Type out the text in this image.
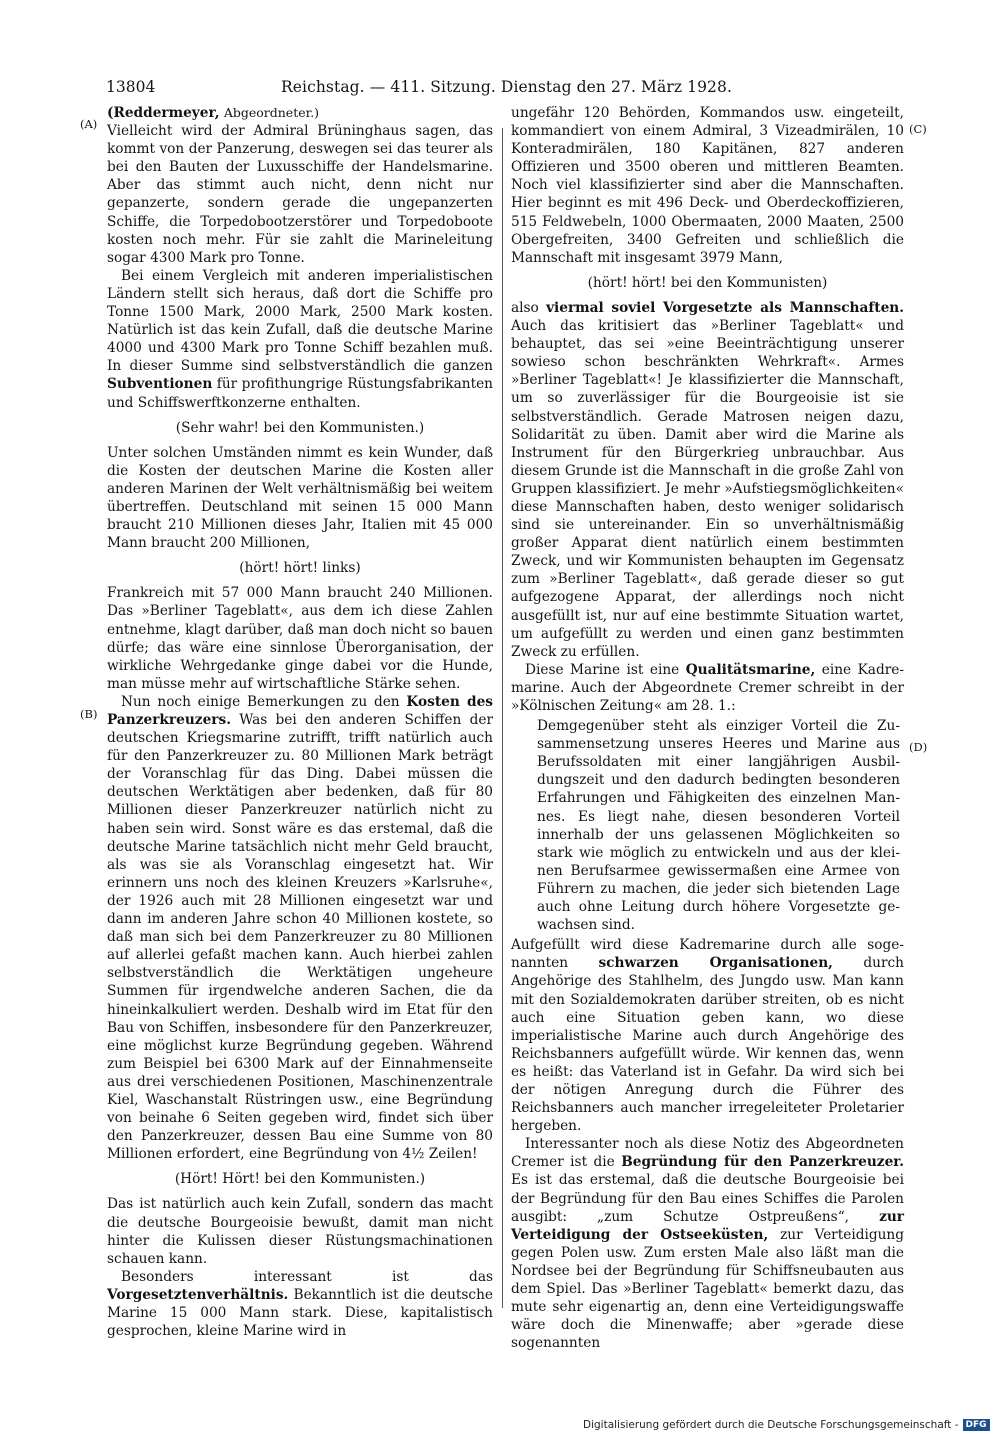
13804	Reichstag. — 411. Sitzung. Dienstag den 27. März 1928.
(A)
(B)
(C)
(D)

(Reddermeyer, Abgeordneter.)

Vielleicht wird der Admiral Brüninghaus sagen, das kommt von der Panzerung, deswegen sei das teurer als bei den Bauten der Luxusschiffe der Handelsmarine. Aber das stimmt auch nicht, denn nicht nur gepanzerte, sondern gerade die ungepanzerten Schiffe, die Torpedobootzerstörer und Torpedoboote kosten noch mehr. Für sie zahlt die Marineleitung sogar 4300 Mark pro Tonne.

Bei einem Vergleich mit anderen imperialistischen Ländern stellt sich heraus, daß dort die Schiffe pro Tonne 1500 Mark, 2000 Mark, 2500 Mark kosten. Natürlich ist das kein Zufall, daß die deutsche Marine 4000 und 4300 Mark pro Tonne Schiff bezahlen muß. In dieser Summe sind selbstverständlich die ganzen Subventionen für profithungrige Rüstungsfabrikanten und Schiffswerftkonzerne enthalten.

(Sehr wahr! bei den Kommunisten.)

Unter solchen Umständen nimmt es kein Wunder, daß die Kosten der deutschen Marine die Kosten aller anderen Marinen der Welt verhältnismäßig bei weitem übertreffen. Deutschland mit seinen 15 000 Mann braucht 210 Millionen dieses Jahr, Italien mit 45 000 Mann braucht 200 Millionen,

(hört! hört! links)

Frankreich mit 57 000 Mann braucht 240 Millionen. Das »Berliner Tageblatt«, aus dem ich diese Zahlen entnehme, klagt darüber, daß man doch nicht so bauen dürfe; das wäre eine sinnlose Überorganisation, der wirkliche Wehrgedanke ginge dabei vor die Hunde, man müsse mehr auf wirtschaftliche Stärke sehen.

Nun noch einige Bemerkungen zu den Kosten des Panzerkreuzers. Was bei den anderen Schiffen der deutschen Kriegsmarine zutrifft, trifft natürlich auch für den Panzerkreuzer zu. 80 Millionen Mark beträgt der Voranschlag für das Ding. Dabei müssen die deutschen Werktätigen aber bedenken, daß für 80 Millionen dieser Panzerkreuzer natürlich nicht zu haben sein wird. Sonst wäre es das erstemal, daß die deutsche Marine tatsächlich nicht mehr Geld braucht, als was sie als Voranschlag eingesetzt hat. Wir erinnern uns noch des kleinen Kreuzers »Karlsruhe«, der 1926 auch mit 28 Millionen eingesetzt war und dann im anderen Jahre schon 40 Millionen kostete, so daß man sich bei dem Panzerkreuzer zu 80 Millionen auf allerlei gefaßt machen kann. Auch hierbei zahlen selbstverständlich die Werktätigen ungeheure Summen für irgendwelche anderen Sachen, die da hineinkalkuliert werden. Deshalb wird im Etat für den Bau von Schiffen, insbesondere für den Panzerkreuzer, eine möglichst kurze Begründung gegeben. Während zum Beispiel bei 6300 Mark auf der Einnahmenseite aus drei verschiedenen Positionen, Maschinenzentrale Kiel, Waschanstalt Rüstringen usw., eine Begründung von beinahe 6 Seiten gegeben wird, findet sich über den Panzerkreuzer, dessen Bau eine Summe von 80 Millionen erfordert, eine Begründung von 4½ Zeilen!

(Hört! Hört! bei den Kommunisten.)

Das ist natürlich auch kein Zufall, sondern das macht die deutsche Bourgeoisie bewußt, damit man nicht hinter die Kulissen dieser Rüstungsmachinationen schauen kann.

Besonders interessant ist das Vorgesetztenverhältnis. Bekanntlich ist die deutsche Marine 15 000 Mann stark. Diese, kapitalistisch gesprochen, kleine Marine wird in

ungefähr 120 Behörden, Kommandos usw. eingeteilt, kommandiert von einem Admiral, 3 Vizeadmirälen, 10 Konteradmirälen, 180 Kapitänen, 827 anderen Offizieren und 3500 oberen und mittleren Beamten. Noch viel klassifizierter sind aber die Mannschaften. Hier beginnt es mit 496 Deck- und Oberdeckoffizieren, 515 Feldwebeln, 1000 Obermaaten, 2000 Maaten, 2500 Obergefreiten, 3400 Gefreiten und schließlich die Mannschaft mit insgesamt 3979 Mann,

(hört! hört! bei den Kommunisten)

also viermal soviel Vorgesetzte als Mannschaften. Auch das kritisiert das »Berliner Tageblatt« und behauptet, das sei »eine Beeinträchtigung unserer sowieso schon beschränkten Wehrkraft«. Armes »Berliner Tageblatt«! Je klassifizierter die Mannschaft, um so zuverlässiger für die Bourgeoisie ist sie selbstverständlich. Gerade Matrosen neigen dazu, Solidarität zu üben. Damit aber wird die Marine als Instrument für den Bürgerkrieg unbrauchbar. Aus diesem Grunde ist die Mannschaft in die große Zahl von Gruppen klassifiziert. Je mehr »Aufstiegsmöglichkeiten« diese Mannschaften haben, desto weniger solidarisch sind sie untereinander. Ein so unverhältnismäßig großer Apparat dient natürlich einem bestimmten Zweck, und wir Kommunisten behaupten im Gegensatz zum »Berliner Tageblatt«, daß gerade dieser so gut aufgezogene Apparat, der allerdings noch nicht ausgefüllt ist, nur auf eine bestimmte Situation wartet, um aufgefüllt zu werden und einen ganz bestimmten Zweck zu erfüllen.

Diese Marine ist eine Qualitätsmarine, eine Kadremarine. Auch der Abgeordnete Cremer schreibt in der »Kölnischen Zeitung« am 28. 1.:

Demgegenüber steht als einziger Vorteil die Zusammensetzung unseres Heeres und Marine aus Berufssoldaten mit einer langjährigen Ausbildungszeit und den dadurch bedingten besonderen Erfahrungen und Fähigkeiten des einzelnen Mannes. Es liegt nahe, diesen besonderen Vorteil innerhalb der uns gelassenen Möglichkeiten so stark wie möglich zu entwickeln und aus der kleinen Berufsarmee gewissermaßen eine Armee von Führern zu machen, die jeder sich bietenden Lage auch ohne Leitung durch höhere Vorgesetzte gewachsen sind.

Aufgefüllt wird diese Kadremarine durch alle sogenannten schwarzen Organisationen, durch Angehörige des Stahlhelm, des Jungdo usw. Man kann mit den Sozialdemokraten darüber streiten, ob es nicht auch eine Situation geben kann, wo diese imperialistische Marine auch durch Angehörige des Reichsbanners aufgefüllt würde. Wir kennen das, wenn es heißt: das Vaterland ist in Gefahr. Da wird sich bei der nötigen Anregung durch die Führer des Reichsbanners auch mancher irregeleiteter Proletarier hergeben.

Interessanter noch als diese Notiz des Abgeordneten Cremer ist die Begründung für den Panzerkreuzer. Es ist das erstemal, daß die deutsche Bourgeoisie bei der Begründung für den Bau eines Schiffes die Parolen ausgibt: „zum Schutze Ostpreußens“, zur Verteidigung der Ostseeküsten, zur Verteidigung gegen Polen usw. Zum ersten Male also läßt man die Nordsee bei der Begründung für Schiffsneubauten aus dem Spiel. Das »Berliner Tageblatt« bemerkt dazu, das mute sehr eigenartig an, denn eine Verteidigungswaffe wäre doch die Minenwaffe; aber »gerade diese sogenannten

Digitalisierung gefördert durch die Deutsche Forschungsgemeinschaft - DFG
